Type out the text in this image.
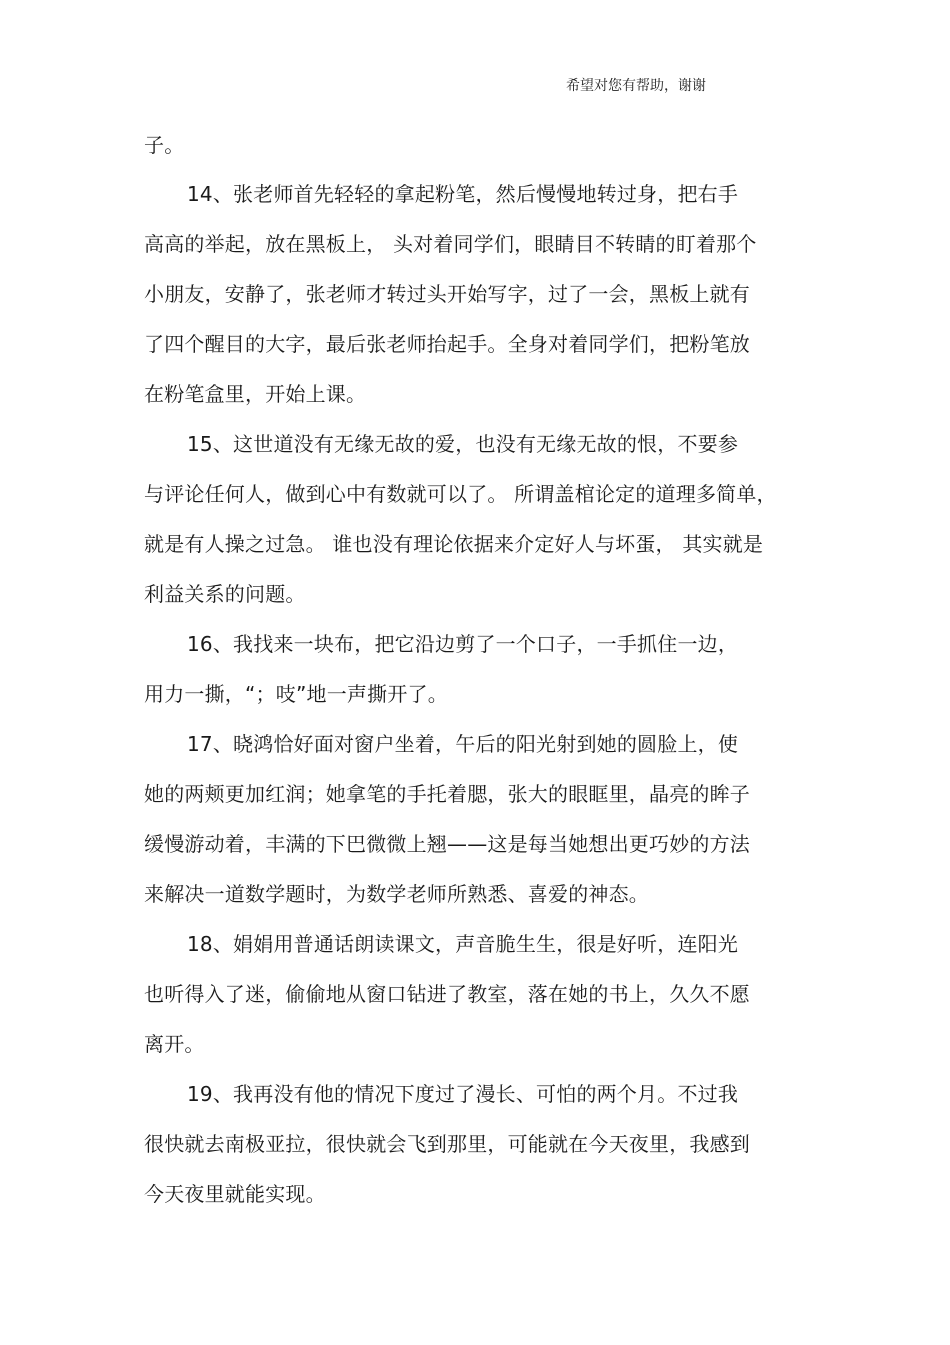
希望对您有帮助，谢谢
子。
14、张老师首先轻轻的拿起粉笔，然后慢慢地转过身，把右手
高高的举起，放在黑板上， 头对着同学们，眼睛目不转睛的盯着那个
小朋友，安静了，张老师才转过头开始写字，过了一会，黑板上就有
了四个醒目的大字，最后张老师抬起手。全身对着同学们，把粉笔放
在粉笔盒里，开始上课。
15、这世道没有无缘无故的爱，也没有无缘无故的恨，不要参
与评论任何人，做到心中有数就可以了。 所谓盖棺论定的道理多简单，
就是有人操之过急。 谁也没有理论依据来介定好人与坏蛋， 其实就是
利益关系的问题。
16、我找来一块布，把它沿边剪了一个口子，一手抓住一边，
用力一撕，“；吱”地一声撕开了。
17、晓鸿恰好面对窗户坐着，午后的阳光射到她的圆脸上，使
她的两颊更加红润；她拿笔的手托着腮，张大的眼眶里，晶亮的眸子
缓慢游动着，丰满的下巴微微上翘——这是每当她想出更巧妙的方法
来解决一道数学题时，为数学老师所熟悉、喜爱的神态。
18、娟娟用普通话朗读课文，声音脆生生，很是好听，连阳光
也听得入了迷，偷偷地从窗口钻进了教室，落在她的书上，久久不愿
离开。
19、我再没有他的情况下度过了漫长、可怕的两个月。不过我
很快就去南极亚拉，很快就会飞到那里，可能就在今天夜里，我感到
今天夜里就能实现。
